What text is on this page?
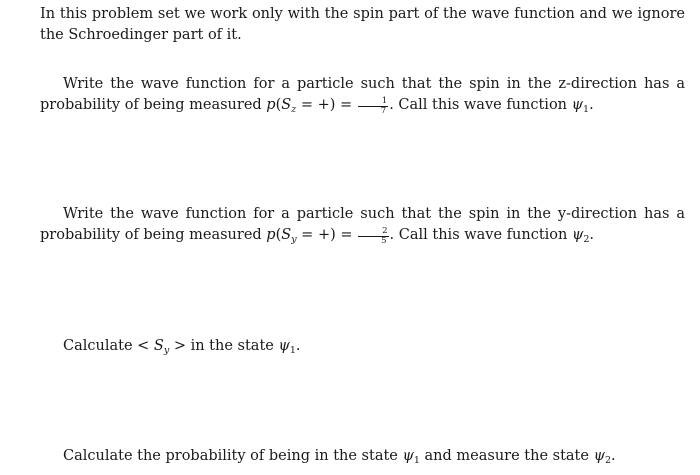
In this problem set we work only with the spin part of the wave function and we ignore the Schroedinger part of it.

Write the wave function for a particle such that the spin in the z-direction has a probability of being measured $p(S_z$ = +) = $\frac{1}{7}$ . Call this wave function $\psi_1$.

Write the wave function for a particle such that the spin in the y-direction has a probability of being measured $p(S_y$ = +) = $\frac{2}{5}$ . Call this wave function $\psi_2$.

Calculate < $S_y$ > in the state $\psi_1$.

Calculate the probability of being in the state $\psi_1$ and measure the state $\psi_2$.
